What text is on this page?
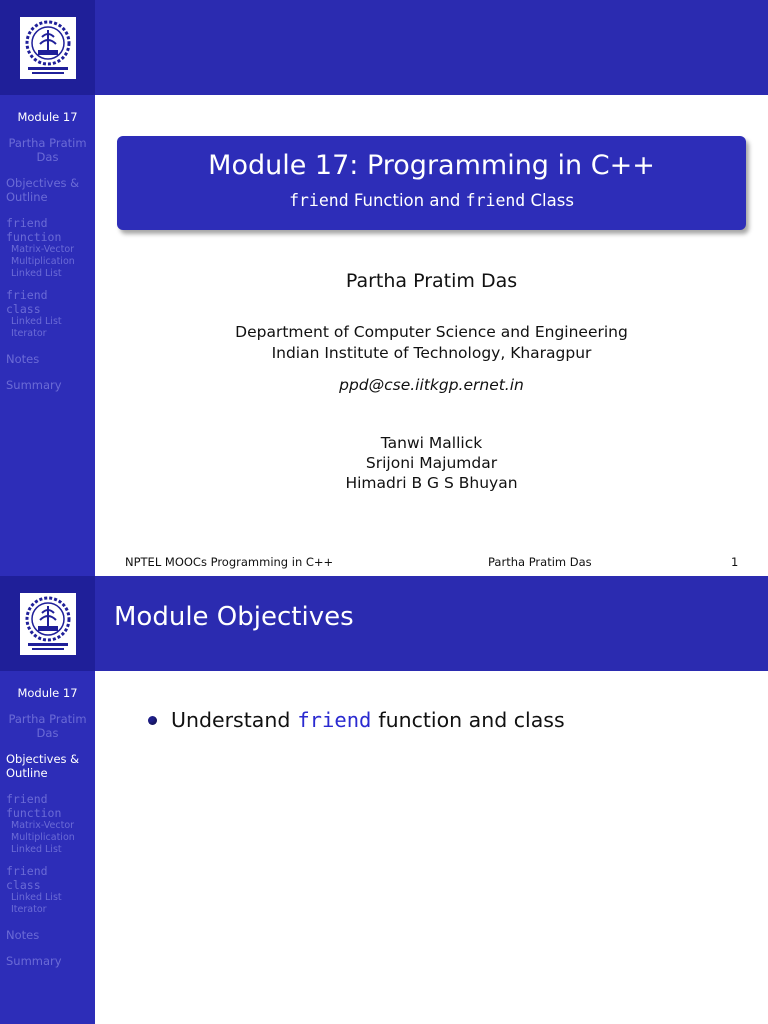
Module 17
Partha Pratim Das
Objectives & Outline
friend function
Matrix-Vector Multiplication
Linked List
friend class
Linked List
Iterator
Notes
Summary
Module 17: Programming in C++
friend Function and friend Class
Partha Pratim Das
Department of Computer Science and Engineering
Indian Institute of Technology, Kharagpur
ppd@cse.iitkgp.ernet.in
Tanwi Mallick
Srijoni Majumdar
Himadri B G S Bhuyan
NPTEL MOOCs Programming in C++	Partha Pratim Das	1
Module 17
Partha Pratim Das
Objectives & Outline
friend function
Matrix-Vector Multiplication
Linked List
friend class
Linked List
Iterator
Notes
Summary
Module Objectives
Understand friend function and class
